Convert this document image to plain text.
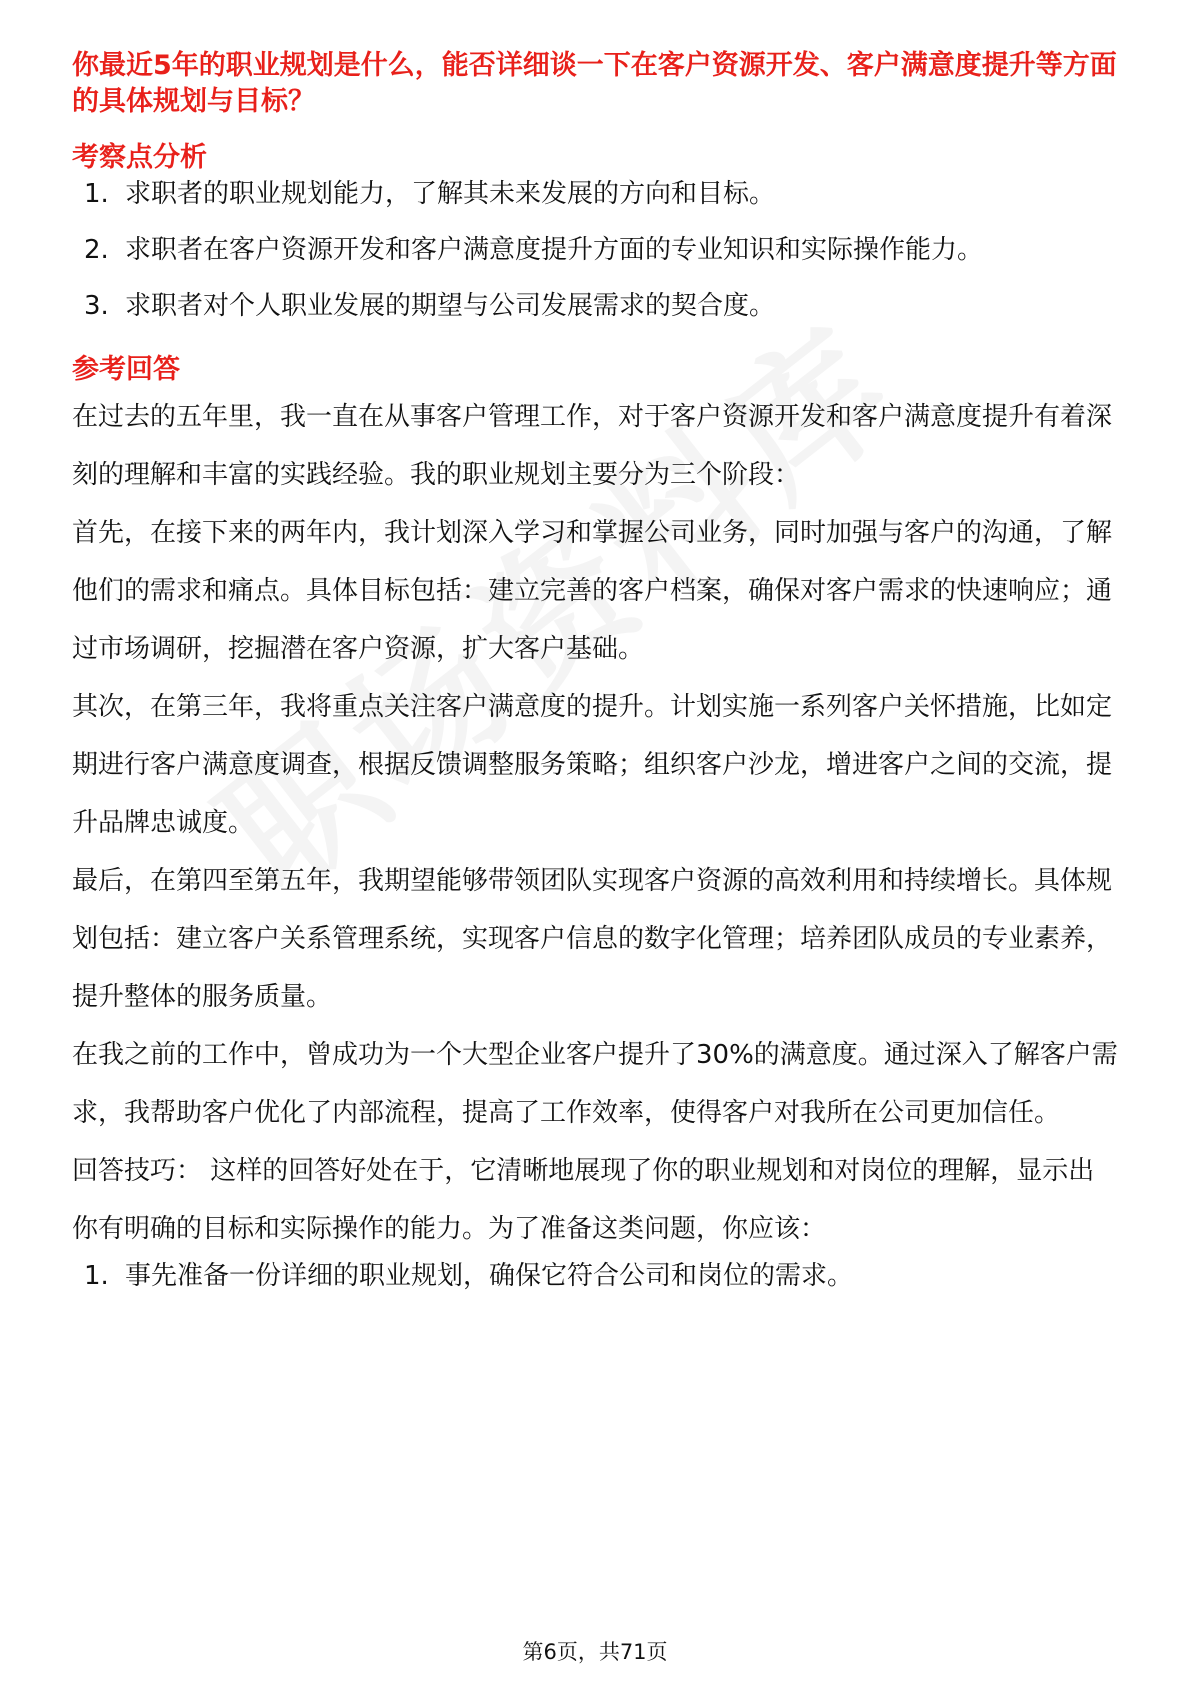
你最近5年的职业规划是什么，能否详细谈一下在客户资源开发、客户满意度提升等方面的具体规划与目标？

考察点分析
1. 求职者的职业规划能力，了解其未来发展的方向和目标。
2. 求职者在客户资源开发和客户满意度提升方面的专业知识和实际操作能力。
3. 求职者对个人职业发展的期望与公司发展需求的契合度。
参考回答

在过去的五年里，我一直在从事客户管理工作，对于客户资源开发和客户满意度提升有着深刻的理解和丰富的实践经验。我的职业规划主要分为三个阶段：

首先，在接下来的两年内，我计划深入学习和掌握公司业务，同时加强与客户的沟通，了解他们的需求和痛点。具体目标包括：建立完善的客户档案，确保对客户需求的快速响应；通过市场调研，挖掘潜在客户资源，扩大客户基础。

其次，在第三年，我将重点关注客户满意度的提升。计划实施一系列客户关怀措施，比如定期进行客户满意度调查，根据反馈调整服务策略；组织客户沙龙，增进客户之间的交流，提升品牌忠诚度。

最后，在第四至第五年，我期望能够带领团队实现客户资源的高效利用和持续增长。具体规划包括：建立客户关系管理系统，实现客户信息的数字化管理；培养团队成员的专业素养，提升整体的服务质量。

在我之前的工作中，曾成功为一个大型企业客户提升了30%的满意度。通过深入了解客户需求，我帮助客户优化了内部流程，提高了工作效率，使得客户对我所在公司更加信任。

回答技巧： 这样的回答好处在于，它清晰地展现了你的职业规划和对岗位的理解，显示出你有明确的目标和实际操作的能力。为了准备这类问题，你应该：

1. 事先准备一份详细的职业规划，确保它符合公司和岗位的需求。
第6页，共71页
